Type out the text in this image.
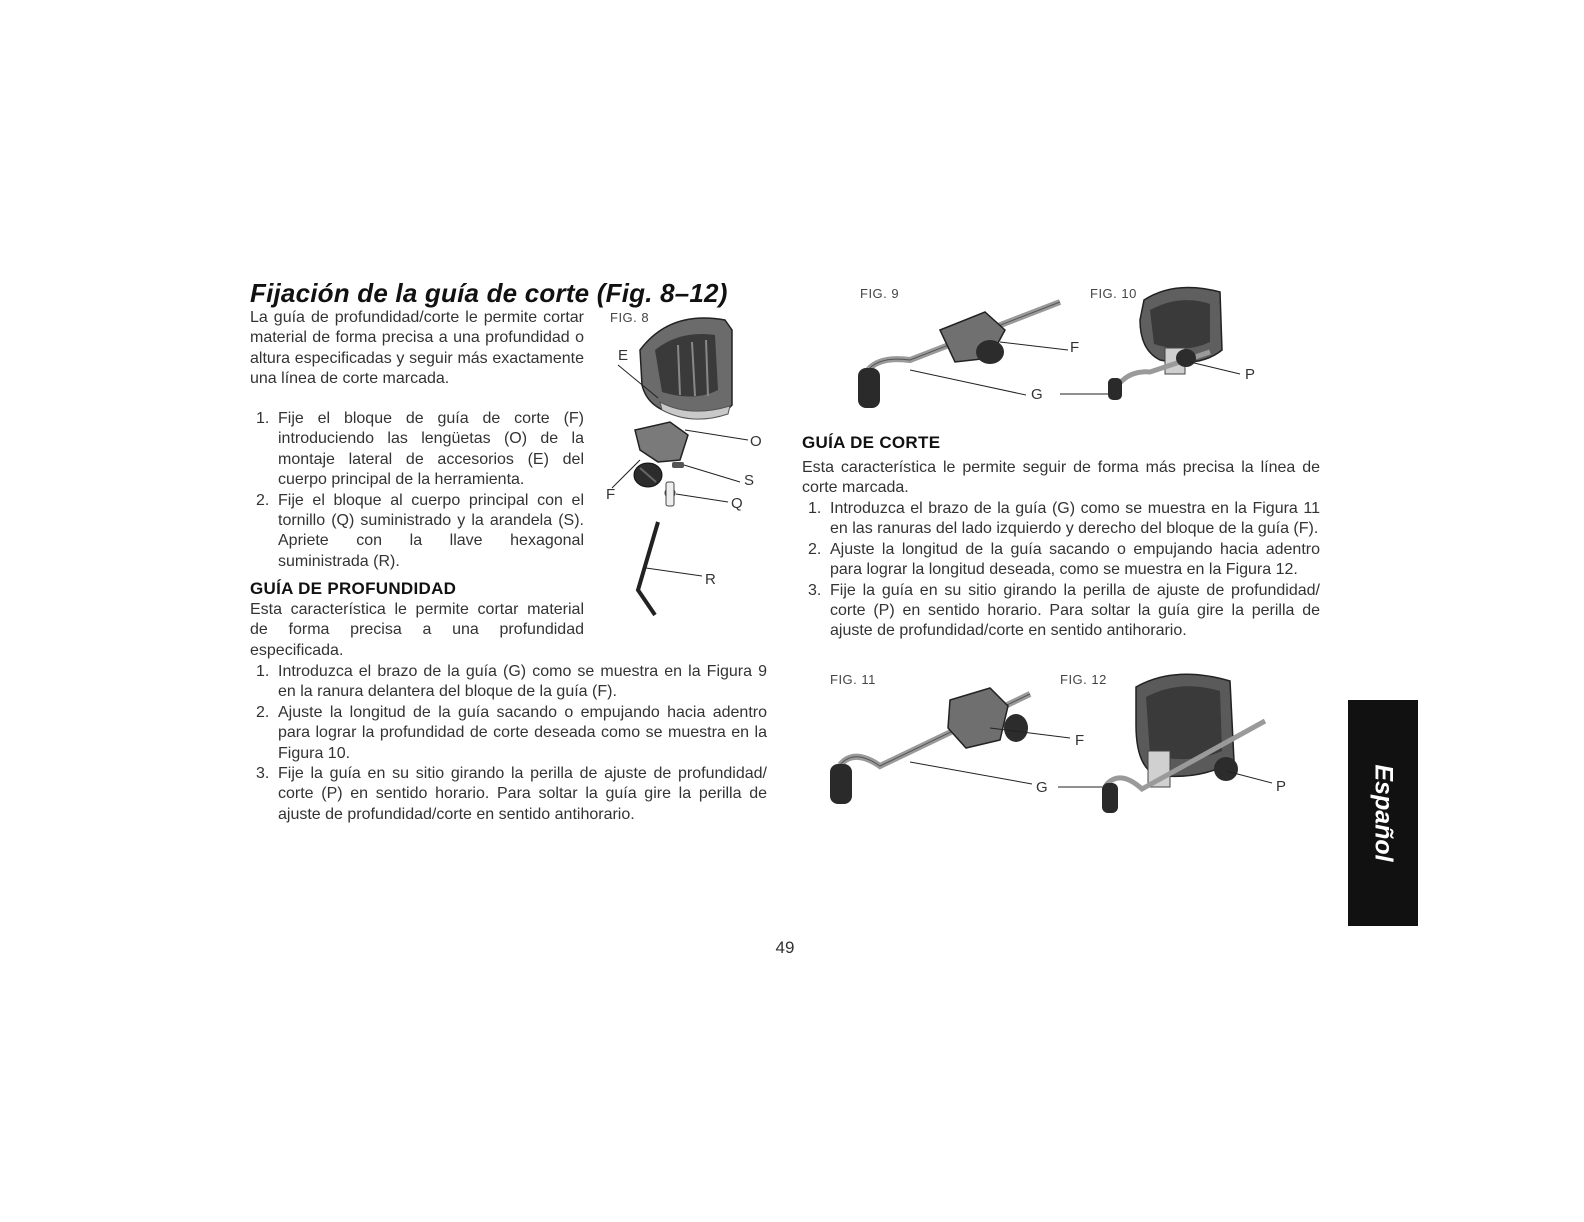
Fijación de la guía de corte (Fig. 8–12)
La guía de profundidad/corte le permite cortar material de forma precisa a una profundidad o altura especificadas y seguir más exactamente una línea de corte marcada.
1. Fije el bloque de guía de corte (F) introduciendo las lengüetas (O) de la montaje lateral de accesorios (E) del cuerpo principal de la herramienta.
2. Fije el bloque al cuerpo principal con el tornillo (Q) suministrado y la arandela (S). Apriete con la llave hexagonal suministrada (R).
GUÍA DE PROFUNDIDAD
Esta característica le permite cortar material de forma precisa a una profundidad especificada.
1. Introduzca el brazo de la guía (G) como se muestra en la Figura 9 en la ranura delantera del bloque de la guía (F).
2. Ajuste la longitud de la guía sacando o empujando hacia adentro para lograr la profundidad de corte deseada como se muestra en la Figura 10.
3. Fije la guía en su sitio girando la perilla de ajuste de profundidad/ corte (P) en sentido horario. Para soltar la guía gire la perilla de ajuste de profundidad/corte en sentido antihorario.
FIG. 8
E
O
S
F
Q
R
FIG. 9
F
G
FIG. 10
P
GUÍA DE CORTE
Esta característica le permite seguir de forma más precisa la línea de corte marcada.
1. Introduzca el brazo de la guía (G) como se muestra en la Figura 11 en las ranuras del lado izquierdo y derecho del bloque de la guía (F).
2. Ajuste la longitud de la guía sacando o empujando hacia adentro para lograr la longitud deseada, como se muestra en la Figura 12.
3. Fije la guía en su sitio girando la perilla de ajuste de profundidad/ corte (P) en sentido horario. Para soltar la guía gire la perilla de ajuste de profundidad/corte en sentido antihorario.
FIG. 11
F
G
FIG. 12
P	Español
49
